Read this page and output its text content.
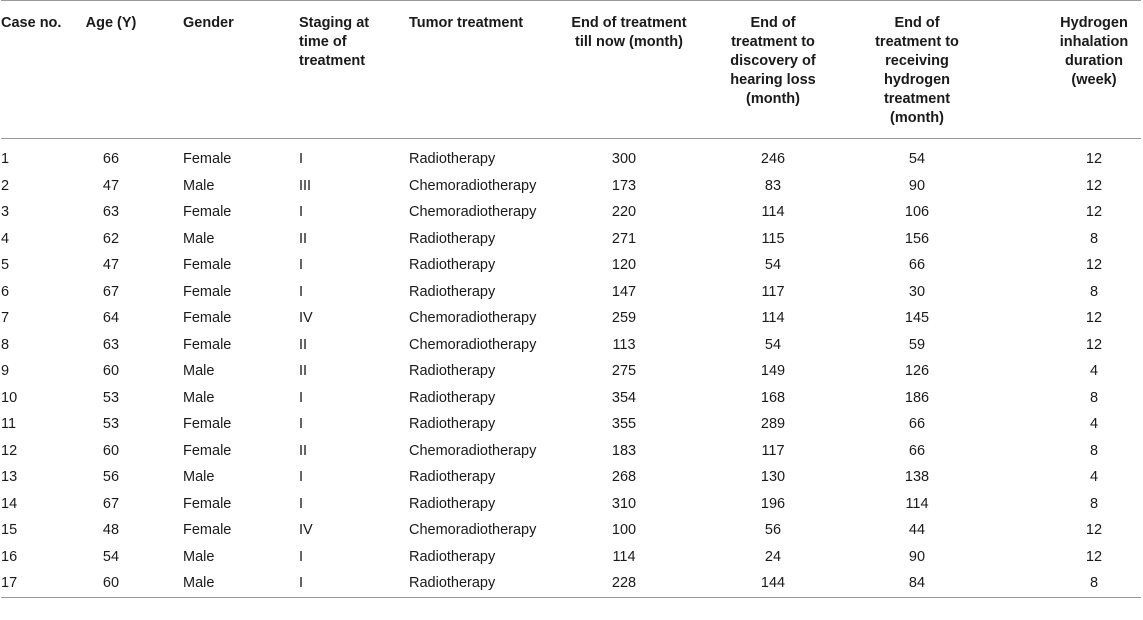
Case no.	Age (Y)	Gender	Staging at time of treatment	Tumor treatment	End of treatment till now (month)	End of treatment to discovery of hearing loss (month)	End of treatment to receiving hydrogen treatment (month)	Hydrogen inhalation duration (week)
1	66	Female	I	Radiotherapy	300	246	54	12
2	47	Male	III	Chemoradiotherapy	173	83	90	12
3	63	Female	I	Chemoradiotherapy	220	114	106	12
4	62	Male	II	Radiotherapy	271	115	156	8
5	47	Female	I	Radiotherapy	120	54	66	12
6	67	Female	I	Radiotherapy	147	117	30	8
7	64	Female	IV	Chemoradiotherapy	259	114	145	12
8	63	Female	II	Chemoradiotherapy	113	54	59	12
9	60	Male	II	Radiotherapy	275	149	126	4
10	53	Male	I	Radiotherapy	354	168	186	8
11	53	Female	I	Radiotherapy	355	289	66	4
12	60	Female	II	Chemoradiotherapy	183	117	66	8
13	56	Male	I	Radiotherapy	268	130	138	4
14	67	Female	I	Radiotherapy	310	196	114	8
15	48	Female	IV	Chemoradiotherapy	100	56	44	12
16	54	Male	I	Radiotherapy	114	24	90	12
17	60	Male	I	Radiotherapy	228	144	84	8
